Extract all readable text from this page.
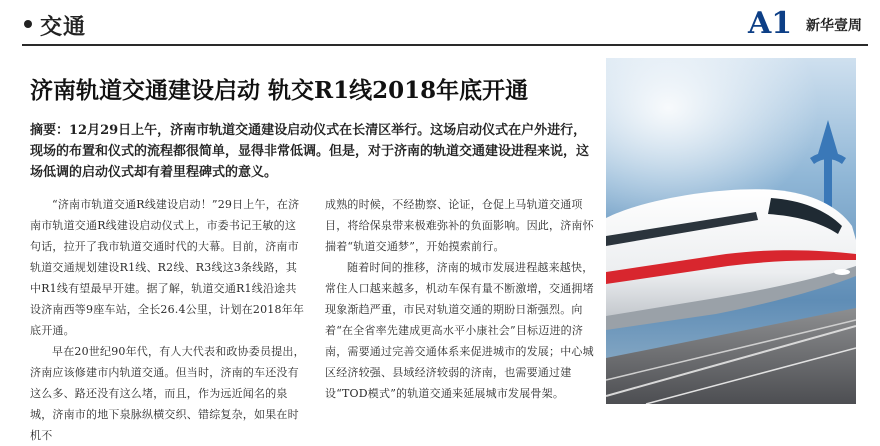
交通	A1 新华壹周
济南轨道交通建设启动 轨交R1线2018年底开通
摘要：12月29日上午，济南市轨道交通建设启动仪式在长清区举行。这场启动仪式在户外进行，现场的布置和仪式的流程都很简单，显得非常低调。但是，对于济南的轨道交通建设进程来说，这场低调的启动仪式却有着里程碑式的意义。

“济南市轨道交通R线建设启动！”29日上午，在济南市轨道交通R线建设启动仪式上，市委书记王敏的这句话，拉开了我市轨道交通时代的大幕。目前，济南市轨道交通规划建设R1线、R2线、R3线这3条线路，其中R1线有望最早开建。据了解，轨道交通R1线沿途共设济南西等9座车站，全长26.4公里，计划在2018年年底开通。

早在20世纪90年代，有人大代表和政协委员提出，济南应该修建市内轨道交通。但当时，济南的车还没有这么多、路还没有这么堵，而且，作为远近闻名的泉城，济南市的地下泉脉纵横交织、错综复杂，如果在时机不

成熟的时候，不经勘察、论证，仓促上马轨道交通项目，将给保泉带来极难弥补的负面影响。因此，济南怀揣着“轨道交通梦”，开始摸索前行。

随着时间的推移，济南的城市发展进程越来越快，常住人口越来越多，机动车保有量不断激增，交通拥堵现象渐趋严重，市民对轨道交通的期盼日渐强烈。向着“在全省率先建成更高水平小康社会”目标迈进的济南，需要通过完善交通体系来促进城市的发展；中心城区经济较强、县域经济较弱的济南，也需要通过建设“TOD模式”的轨道交通来延展城市发展骨架。
